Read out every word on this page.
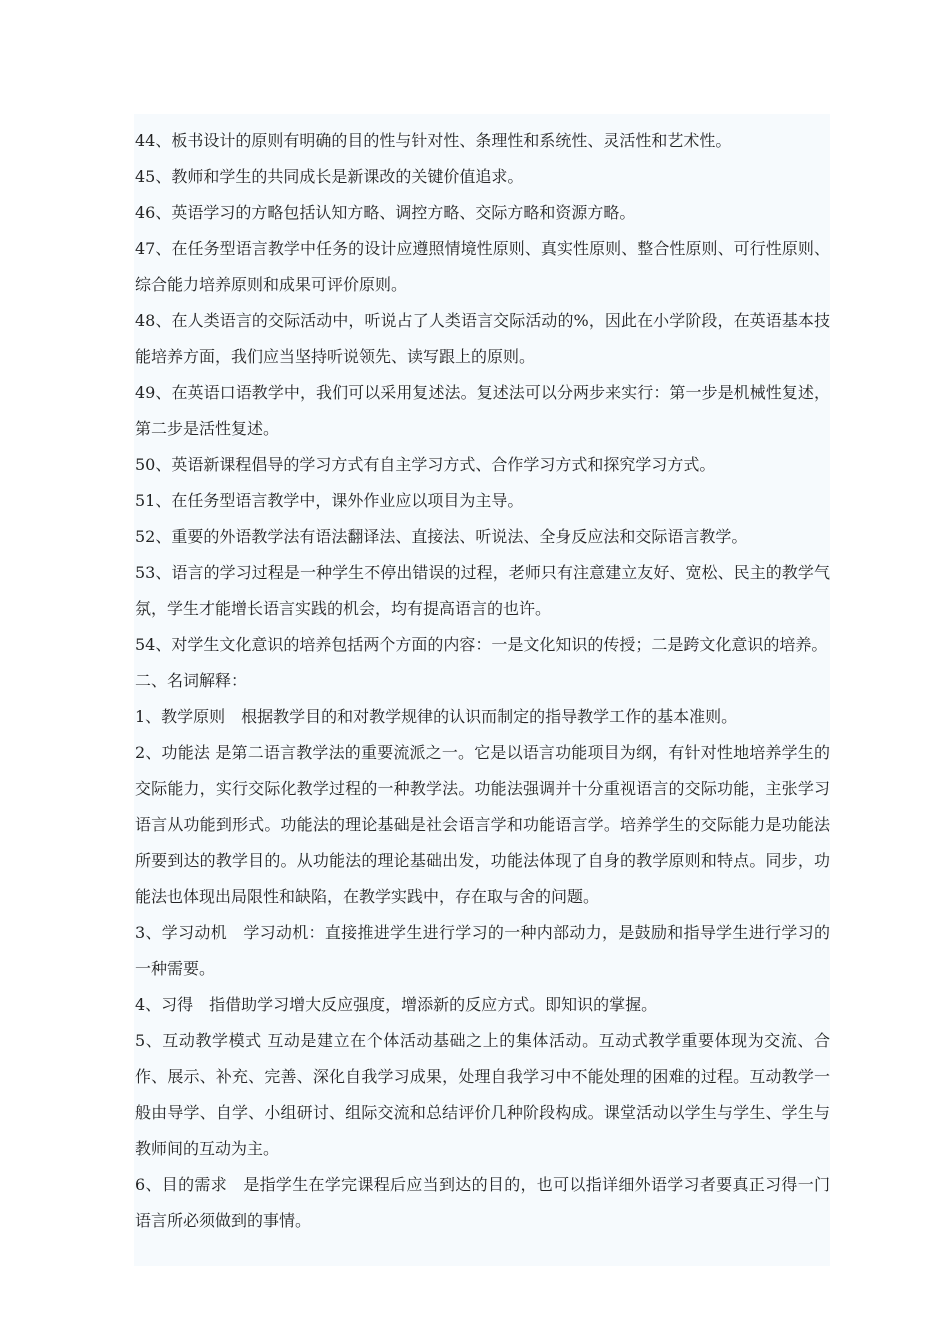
44、板书设计的原则有明确的目的性与针对性、条理性和系统性、灵活性和艺术性。

45、教师和学生的共同成长是新课改的关键价值追求。

46、英语学习的方略包括认知方略、调控方略、交际方略和资源方略。

47、在任务型语言教学中任务的设计应遵照情境性原则、真实性原则、整合性原则、可行性原则、综合能力培养原则和成果可评价原则。

48、在人类语言的交际活动中，听说占了人类语言交际活动的%，因此在小学阶段，在英语基本技能培养方面，我们应当坚持听说领先、读写跟上的原则。

49、在英语口语教学中，我们可以采用复述法。复述法可以分两步来实行：第一步是机械性复述，第二步是活性复述。

50、英语新课程倡导的学习方式有自主学习方式、合作学习方式和探究学习方式。

51、在任务型语言教学中，课外作业应以项目为主导。

52、重要的外语教学法有语法翻译法、直接法、听说法、全身反应法和交际语言教学。

53、语言的学习过程是一种学生不停出错误的过程，老师只有注意建立友好、宽松、民主的教学气氛，学生才能增长语言实践的机会，均有提高语言的也许。

54、对学生文化意识的培养包括两个方面的内容：一是文化知识的传授；二是跨文化意识的培养。

二、名词解释：

1、教学原则　根据教学目的和对教学规律的认识而制定的指导教学工作的基本准则。

2、功能法 是第二语言教学法的重要流派之一。它是以语言功能项目为纲，有针对性地培养学生的交际能力，实行交际化教学过程的一种教学法。功能法强调并十分重视语言的交际功能，主张学习语言从功能到形式。功能法的理论基础是社会语言学和功能语言学。培养学生的交际能力是功能法所要到达的教学目的。从功能法的理论基础出发，功能法体现了自身的教学原则和特点。同步，功能法也体现出局限性和缺陷，在教学实践中，存在取与舍的问题。

3、学习动机　学习动机：直接推进学生进行学习的一种内部动力，是鼓励和指导学生进行学习的一种需要。

4、习得　指借助学习增大反应强度，增添新的反应方式。即知识的掌握。

5、互动教学模式 互动是建立在个体活动基础之上的集体活动。互动式教学重要体现为交流、合作、展示、补充、完善、深化自我学习成果，处理自我学习中不能处理的困难的过程。互动教学一般由导学、自学、小组研讨、组际交流和总结评价几种阶段构成。课堂活动以学生与学生、学生与教师间的互动为主。

6、目的需求　是指学生在学完课程后应当到达的目的，也可以指详细外语学习者要真正习得一门语言所必须做到的事情。
